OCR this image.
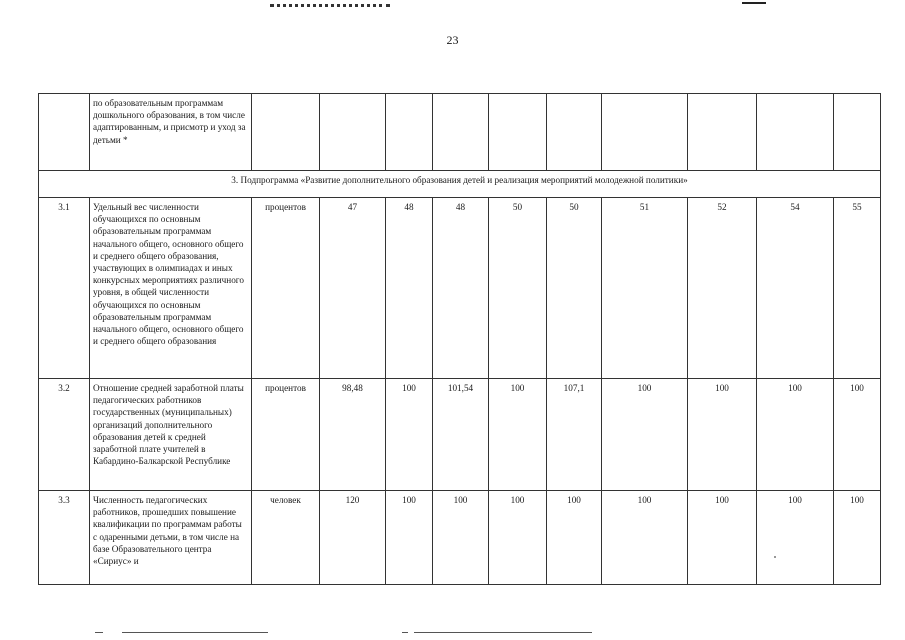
23
	по образовательным программам дошкольного образования, в том числе адаптированным, и присмотр и уход за детьми *										
3. Подпрограмма «Развитие дополнительного образования детей и реализация мероприятий молодежной политики»											
3.1	Удельный вес численности обучающихся по основным образовательным программам начального общего, основного общего и среднего общего образования, участвующих в олимпиадах и иных конкурсных мероприятиях различного уровня, в общей численности обучающихся по основным образовательным программам начального общего, основного общего и среднего общего образования	процентов	47	48	48	50	50	51	52	54	55
3.2	Отношение средней заработной платы педагогических работников государственных (муниципальных) организаций дополнительного образования детей к средней заработной плате учителей в Кабардино-Балкарской Республике	процентов	98,48	100	101,54	100	107,1	100	100	100	100
3.3	Численность педагогических работников, прошедших повышение квалификации по программам работы с одаренными детьми, в том числе на базе Образовательного центра «Сириус» и	человек	120	100	100	100	100	100	100	100	100
